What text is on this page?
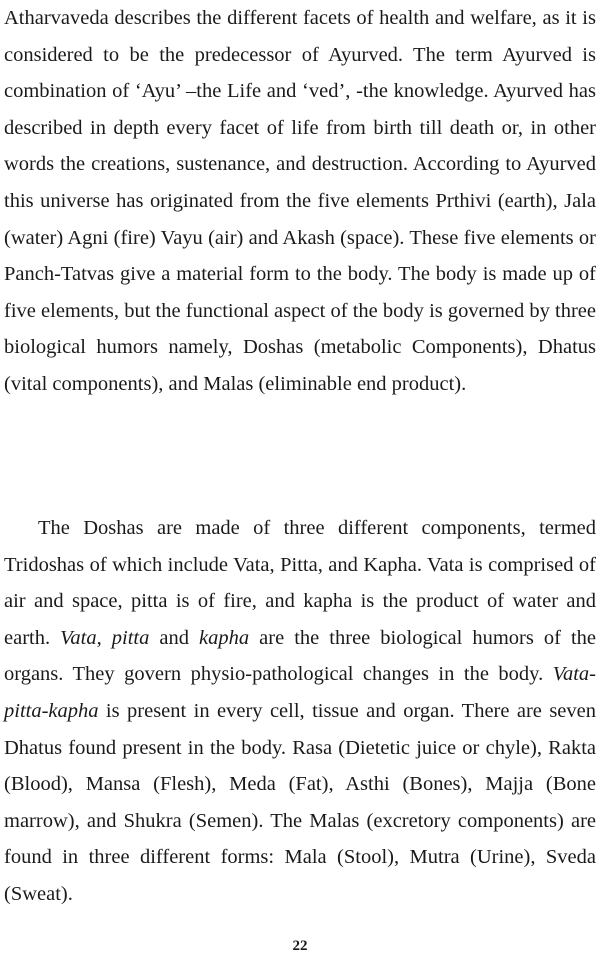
Atharvaveda describes the different facets of health and welfare, as it is considered to be the predecessor of Ayurved. The term Ayurved is combination of ‘Ayu’ –the Life and ‘ved’, -the knowledge. Ayurved has described in depth every facet of life from birth till death or, in other words the creations, sustenance, and destruction. According to Ayurved this universe has originated from the five elements Prthivi (earth), Jala (water) Agni (fire) Vayu (air) and Akash (space). These five elements or Panch-Tatvas give a material form to the body. The body is made up of five elements, but the functional aspect of the body is governed by three biological humors namely, Doshas (metabolic Components), Dhatus (vital components), and Malas (eliminable end product).

The Doshas are made of three different components, termed Tridoshas of which include Vata, Pitta, and Kapha. Vata is comprised of air and space, pitta is of fire, and kapha is the product of water and earth. Vata, pitta and kapha are the three biological humors of the organs. They govern physio-pathological changes in the body. Vata-pitta-kapha is present in every cell, tissue and organ. There are seven Dhatus found present in the body. Rasa (Dietetic juice or chyle), Rakta (Blood), Mansa (Flesh), Meda (Fat), Asthi (Bones), Majja (Bone marrow), and Shukra (Semen). The Malas (excretory components) are found in three different forms: Mala (Stool), Mutra (Urine), Sveda (Sweat).

22
